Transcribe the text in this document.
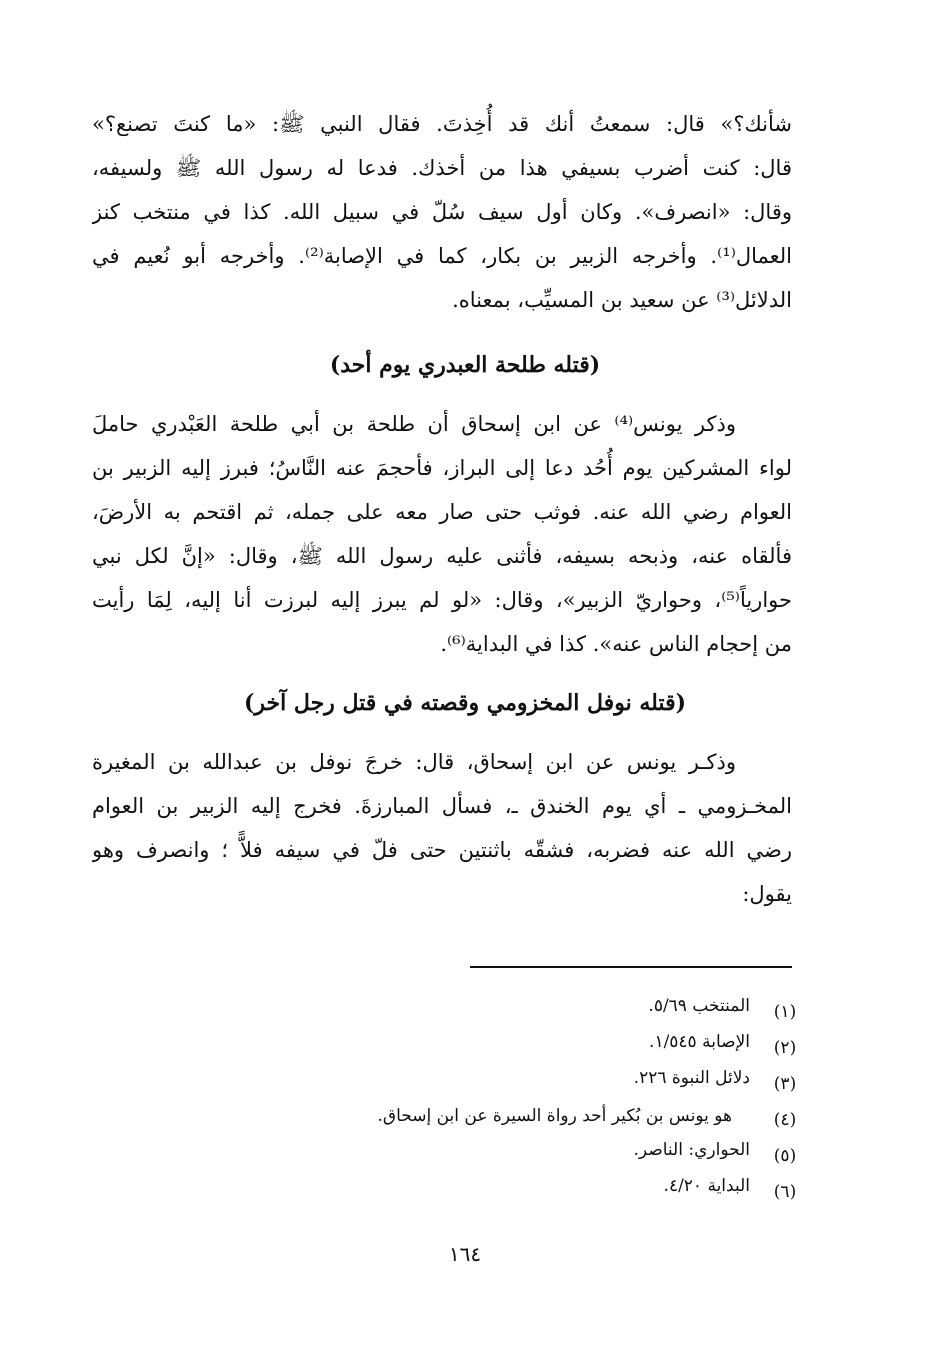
شأنك؟» قال: سمعتُ أنك قد أُخِذتَ. فقال النبي ﷺ: «ما كنتَ تصنع؟»
قال: كنت أضرب بسيفي هذا من أخذك. فدعا له رسول الله ﷺ ولسيفه،
وقال: «انصرف». وكان أول سيف سُلّ في سبيل الله. كذا في منتخب كنز
العمال⁽¹⁾. وأخرجه الزبير بن بكار، كما في الإصابة⁽²⁾. وأخرجه أبو نُعيم في
الدلائل⁽³⁾ عن سعيد بن المسيِّب، بمعناه.
(قتله طلحة العبدري يوم أحد)
وذكر يونس⁽⁴⁾ عن ابن إسحاق أن طلحة بن أبي طلحة العَبْدري حاملَ
لواء المشركين يوم أُحُد دعا إلى البراز، فأحجمَ عنه النَّاسُ؛ فبرز إليه الزبير بن
العوام رضي الله عنه. فوثب حتى صار معه على جمله، ثم اقتحم به الأرضَ،
فألقاه عنه، وذبحه بسيفه، فأثنى عليه رسول الله ﷺ، وقال: «إنَّ لكل نبي
حوارياً⁽⁵⁾، وحواريّ الزبير»، وقال: «لو لم يبرز إليه لبرزت أنا إليه، لِمَا رأيت
من إحجام الناس عنه». كذا في البداية⁽⁶⁾.
(قتله نوفل المخزومي وقصته في قتل رجل آخر)
وذكـر يونس عن ابن إسحاق، قال: خرجَ نوفل بن عبدالله بن المغيرة
المخـزومي ـ أي يوم الخندق ـ، فسأل المبارزةَ. فخرج إليه الزبير بن العوام
رضي الله عنه فضربه، فشقّه باثنتين حتى فلّ في سيفه فلاًّ ؛ وانصرف وهو
يقول:
(١)
المنتخب ٥/٦٩.
(٢)
الإصابة ١/٥٤٥.
(٣)
دلائل النبوة ٢٢٦.
(٤)
هو يونس بن بُكير أحد رواة السيرة عن ابن إسحاق.
(٥)
الحواري: الناصر.
(٦)
البداية ٤/٢٠.
١٦٤
